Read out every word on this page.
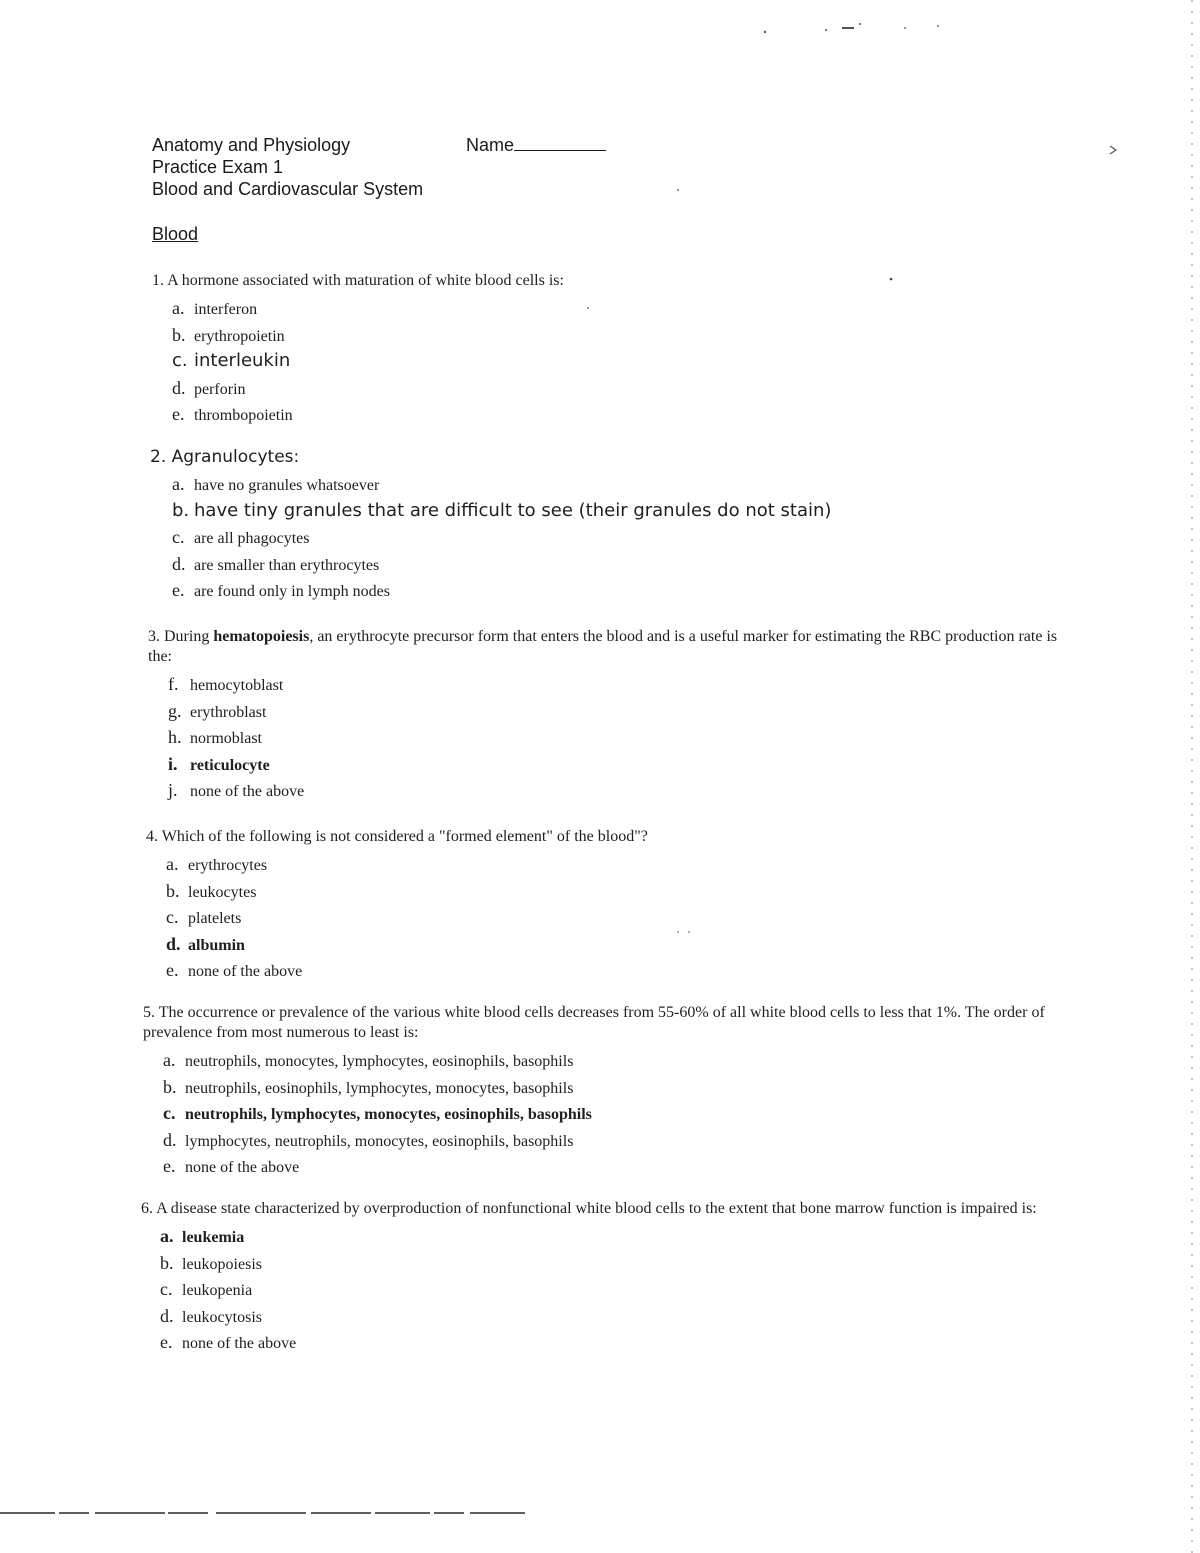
Anatomy and Physiology
Practice Exam 1
Blood and Cardiovascular System
Name
Blood
1. A hormone associated with maturation of white blood cells is:
a. interferon
b. erythropoietin
c. interleukin
d. perforin
e. thrombopoietin
2. Agranulocytes:
a. have no granules whatsoever
b. have tiny granules that are difficult to see (their granules do not stain)
c. are all phagocytes
d. are smaller than erythrocytes
e. are found only in lymph nodes
3. During hematopoiesis, an erythrocyte precursor form that enters the blood and is a useful marker for estimating the RBC production rate is the:
f. hemocytoblast
g. erythroblast
h. normoblast
i. reticulocyte
j. none of the above
4. Which of the following is not considered a "formed element" of the blood"?
a. erythrocytes
b. leukocytes
c. platelets
d. albumin
e. none of the above
5. The occurrence or prevalence of the various white blood cells decreases from 55-60% of all white blood cells to less that 1%. The order of prevalence from most numerous to least is:
a. neutrophils, monocytes, lymphocytes, eosinophils, basophils
b. neutrophils, eosinophils, lymphocytes, monocytes, basophils
c. neutrophils, lymphocytes, monocytes, eosinophils, basophils
d. lymphocytes, neutrophils, monocytes, eosinophils, basophils
e. none of the above
6. A disease state characterized by overproduction of nonfunctional white blood cells to the extent that bone marrow function is impaired is:
a. leukemia
b. leukopoiesis
c. leukopenia
d. leukocytosis
e. none of the above
